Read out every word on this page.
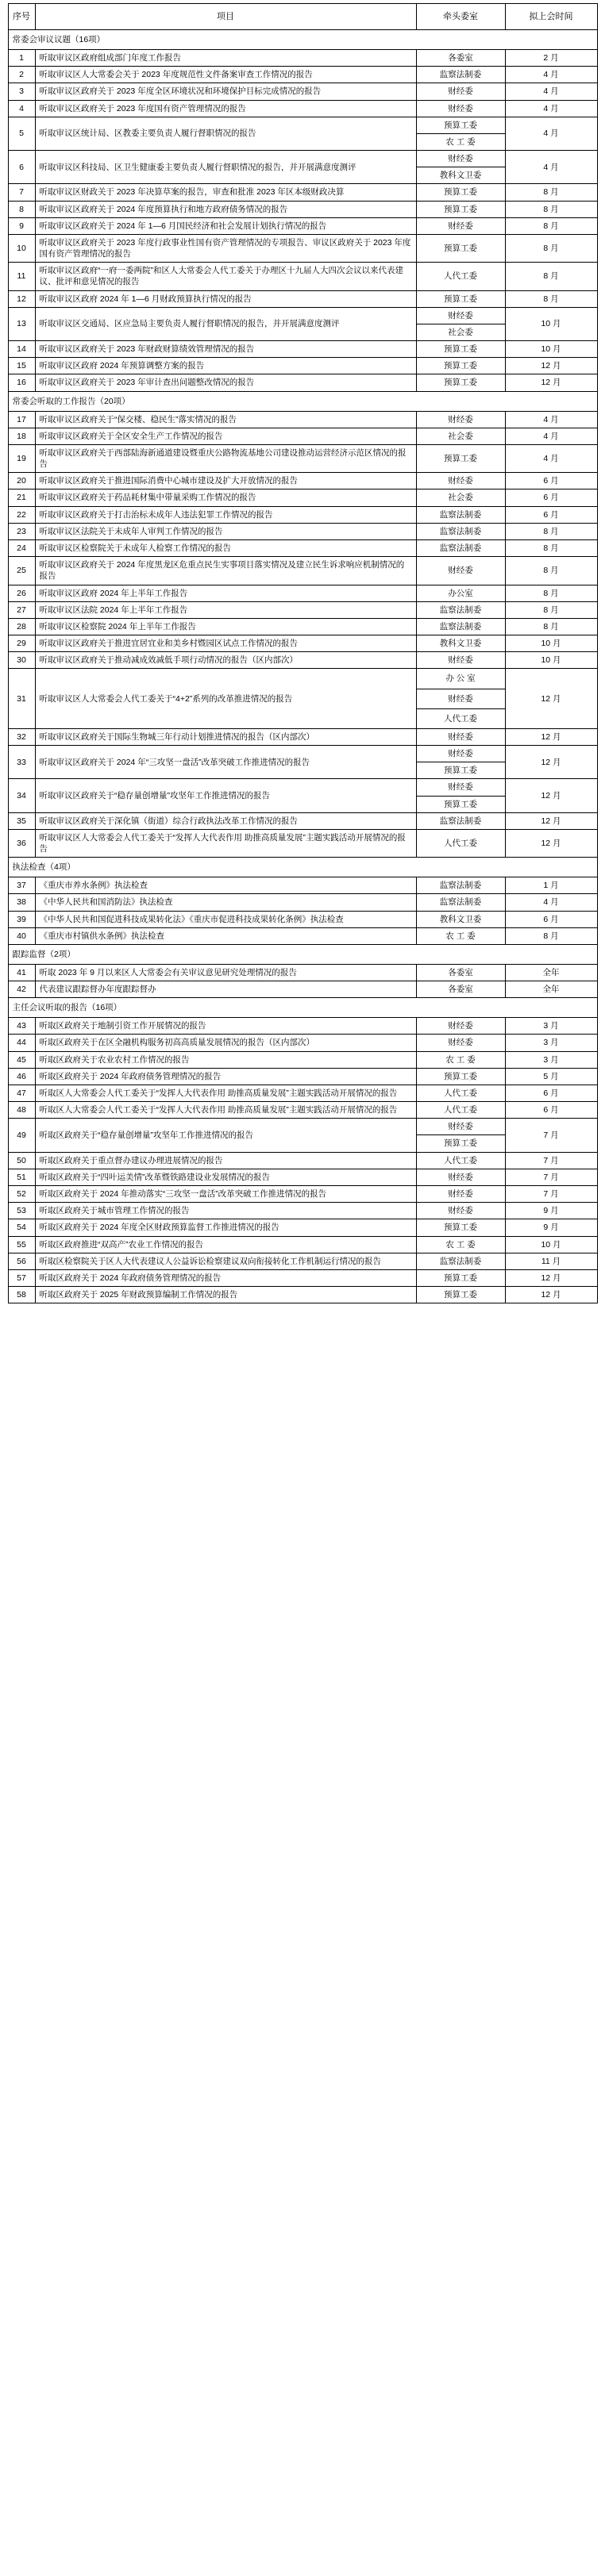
序号	项目	牵头委室	拟上会时间
常委会审议议题（16项）			
1	听取审议区政府组成部门年度工作报告	各委室	2 月
2	听取审议区人大常委会关于 2023 年度规范性文件备案审查工作情况的报告	监察法制委	4 月
3	听取审议区政府关于 2023 年度全区环境状况和环境保护目标完成情况的报告	财经委	4 月
4	听取审议区政府关于 2023 年度国有资产管理情况的报告	财经委	4 月
5	听取审议区统计局、区教委主要负责人履行督职情况的报告	预算工委
农 工 委	4 月
6	听取审议区科技局、区卫生健康委主要负责人履行督职情况的报告，并开展满意度测评	财经委
教科文卫委	4 月
7	听取审议区财政关于 2023 年决算草案的报告，审查和批准 2023 年区本级财政决算	预算工委	8 月
8	听取审议区政府关于 2024 年度预算执行和地方政府债务情况的报告	预算工委	8 月
9	听取审议区政府关于 2024 年 1—6 月国民经济和社会发展计划执行情况的报告	财经委	8 月
10	听取审议区政府关于 2023 年度行政事业性国有资产管理情况的专项报告、审议区政府关于 2023 年度国有资产管理情况的报告	预算工委	8 月
11	听取审议区政府“一府一委两院”和区人大常委会人代工委关于办理区十九届人大四次会议以来代表建议、批评和意见情况的报告	人代工委	8 月
12	听取审议区政府 2024 年 1—6 月财政预算执行情况的报告	预算工委	8 月
13	听取审议区交通局、区应急局主要负责人履行督职情况的报告，并开展满意度测评	财经委
社会委	10 月
14	听取审议区政府关于 2023 年财政财算绩效管理情况的报告	预算工委	10 月
15	听取审议区政府 2024 年预算调整方案的报告	预算工委	12 月
16	听取审议区政府关于 2023 年审计查出问题整改情况的报告	预算工委	12 月
常委会听取的工作报告（20项）			
17	听取审议区政府关于“保交楼、稳民生”落实情况的报告	财经委	4 月
18	听取审议区政府关于全区安全生产工作情况的报告	社会委	4 月
19	听取审议区政府关于西部陆海新通道建设暨重庆公路物流基地公司建设推动运营经济示范区情况的报告	预算工委	4 月
20	听取审议区政府关于推进国际消费中心城市建设及扩大开放情况的报告	财经委	6 月
21	听取审议区政府关于药品耗材集中带量采购工作情况的报告	社会委	6 月
22	听取审议区政府关于打击治标未成年人违法犯罪工作情况的报告	监察法制委	6 月
23	听取审议区法院关于未成年人审判工作情况的报告	监察法制委	8 月
24	听取审议区检察院关于未成年人检察工作情况的报告	监察法制委	8 月
25	听取审议区政府关于 2024 年度黑龙区危重点民生实事项目落实情况及建立民生诉求响应机制情况的报告	财经委	8 月
26	听取审议区政府 2024 年上半年工作报告	办公室	8 月
27	听取审议区法院 2024 年上半年工作报告	监察法制委	8 月
28	听取审议区检察院 2024 年上半年工作报告	监察法制委	8 月
29	听取审议区政府关于推进宜居宜业和美乡村暨园区试点工作情况的报告	教科文卫委	10 月
30	听取审议区政府关于推动减成效减低手项行动情况的报告（区内部次）	财经委	10 月
31	听取审议区人大常委会人代工委关于“4+2”系列的改革推进情况的报告	办 公 室
财经委
人代工委	12 月
32	听取审议区政府关于国际生物城三年行动计划推进情况的报告（区内部次）	财经委	12 月
33	听取审议区政府关于 2024 年“三攻坚一盘活”改革突破工作推进情况的报告	财经委
预算工委	12 月
34	听取审议区政府关于“稳存量创增量”攻坚年工作推进情况的报告	财经委
预算工委	12 月
35	听取审议区政府关于深化镇（街道）综合行政执法改革工作情况的报告	监察法制委	12 月
36	听取审议区人大常委会人代工委关于“发挥人大代表作用 助推高质量发展”主题实践活动开展情况的报告	人代工委	12 月
执法检查（4项）			
37	《重庆市养水条例》执法检查	监察法制委	1 月
38	《中华人民共和国消防法》执法检查	监察法制委	4 月
39	《中华人民共和国促进科技成果转化法》《重庆市促进科技成果转化条例》执法检查	教科文卫委	6 月
40	《重庆市村镇供水条例》执法检查	农 工 委	8 月
跟踪监督（2项）			
41	听取 2023 年 9 月以来区人大常委会有关审议意见研究处理情况的报告	各委室	全年
42	代表建议跟踪督办年度跟踪督办	各委室	全年
主任会议听取的报告（16项）			
43	听取区政府关于地制引资工作开展情况的报告	财经委	3 月
44	听取区政府关于在区全融机构服务初高高质量发展情况的报告（区内部次）	财经委	3 月
45	听取区政府关于农业农村工作情况的报告	农 工 委	3 月
46	听取区政府关于 2024 年政府债务管理情况的报告	预算工委	5 月
47	听取区人大常委会人代工委关于“发挥人大代表作用 助推高质量发展”主题实践活动开展情况的报告	人代工委	6 月
48	听取区人大常委会人代工委关于“发挥人大代表作用 助推高质量发展”主题实践活动开展情况的报告	人代工委	6 月
49	听取区政府关于“稳存量创增量”攻坚年工作推进情况的报告	财经委
预算工委	7 月
50	听取区政府关于重点督办建议办理进展情况的报告	人代工委	7 月
51	听取区政府关于“四叶运美情”改革暨铁路建设业发展情况的报告	财经委	7 月
52	听取区政府关于 2024 年推动落实“三攻坚一盘活”改革突破工作推进情况的报告	财经委	7 月
53	听取区政府关于城市管理工作情况的报告	财经委	9 月
54	听取区政府关于 2024 年度全区财政预算监督工作推进情况的报告	预算工委	9 月
55	听取区政府推进“双高产”农业工作情况的报告	农 工 委	10 月
56	听取区检察院关于区人大代表建议人公益诉讼检察建议双向衔接转化工作机制运行情况的报告	监察法制委	11 月
57	听取区政府关于 2024 年政府债务管理情况的报告	预算工委	12 月
58	听取区政府关于 2025 年财政预算编制工作情况的报告	预算工委	12 月
